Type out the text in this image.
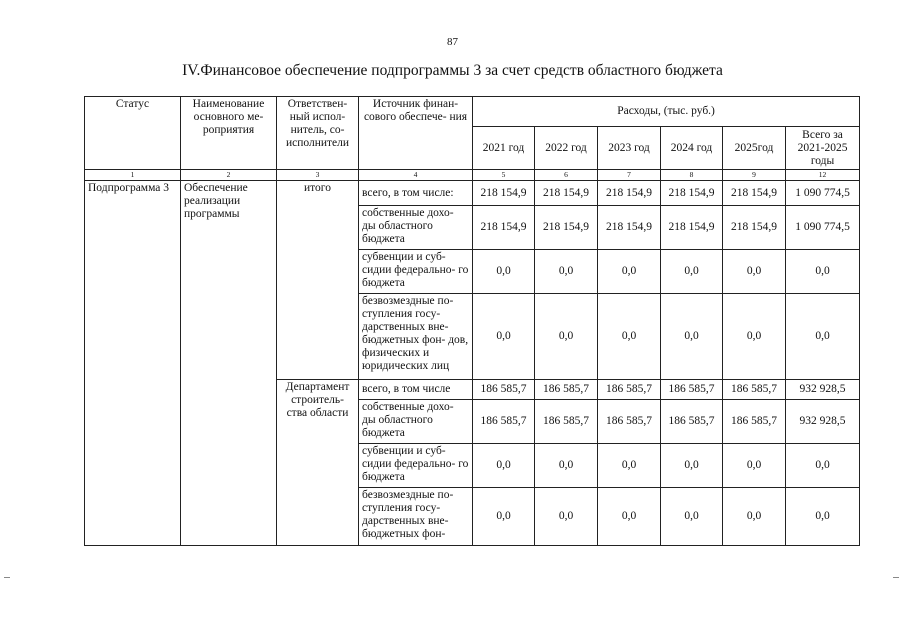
87
IV.Финансовое обеспечение подпрограммы 3 за счет средств областного бюджета
Статус	Наименование основного ме- роприятия	Ответствен- ный испол- нитель, со- исполнители	Источник финан- сового обеспече- ния	Расходы, (тыс. руб.)					
				2021 год	2022 год	2023 год	2024 год	2025год	Всего за 2021-2025 годы
1	2	3	4	5	6	7	8	9	12
Подпрограмма 3	Обеспечение реализации программы	итого	всего, в том числе:	218 154,9	218 154,9	218 154,9	218 154,9	218 154,9	1 090 774,5
			собственные дохо- ды областного бюджета	218 154,9	218 154,9	218 154,9	218 154,9	218 154,9	1 090 774,5
			субвенции и суб- сидии федерально- го бюджета	0,0	0,0	0,0	0,0	0,0	0,0
			безвозмездные по- ступления госу- дарственных вне- бюджетных фон- дов, физических и юридических лиц	0,0	0,0	0,0	0,0	0,0	0,0
		Департамент строитель- ства области	всего, в том числе	186 585,7	186 585,7	186 585,7	186 585,7	186 585,7	932 928,5
			собственные дохо- ды областного бюджета	186 585,7	186 585,7	186 585,7	186 585,7	186 585,7	932 928,5
			субвенции и суб- сидии федерально- го бюджета	0,0	0,0	0,0	0,0	0,0	0,0
			безвозмездные по- ступления госу- дарственных вне- бюджетных фон-	0,0	0,0	0,0	0,0	0,0	0,0
